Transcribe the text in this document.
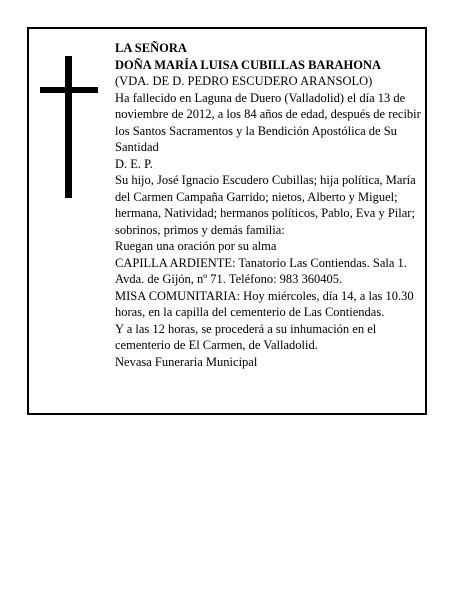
LA SEÑORA

DOÑA MARÍA LUISA CUBILLAS BARAHONA

(VDA. DE D. PEDRO ESCUDERO ARANSOLO)

Ha fallecido en Laguna de Duero (Valladolid) el día 13 de noviembre de 2012, a los 84 años de edad, después de recibir los Santos Sacramentos y la Bendición Apostólica de Su Santidad

D. E. P.

Su hijo, José Ignacio Escudero Cubillas; hija política, María del Carmen Campaña Garrido; nietos, Alberto y Miguel; hermana, Natividad; hermanos políticos, Pablo, Eva y Pilar; sobrinos, primos y demás familia:

Ruegan una oración por su alma

CAPILLA ARDIENTE: Tanatorio Las Contiendas. Sala 1. Avda. de Gijón, nº 71. Teléfono: 983 360405.

MISA COMUNITARIA: Hoy miércoles, día 14, a las 10.30 horas, en la capilla del cementerio de Las Contiendas.

Y a las 12 horas, se procederá a su inhumación en el cementerio de El Carmen, de Valladolid.

Nevasa Funeraria Municipal
